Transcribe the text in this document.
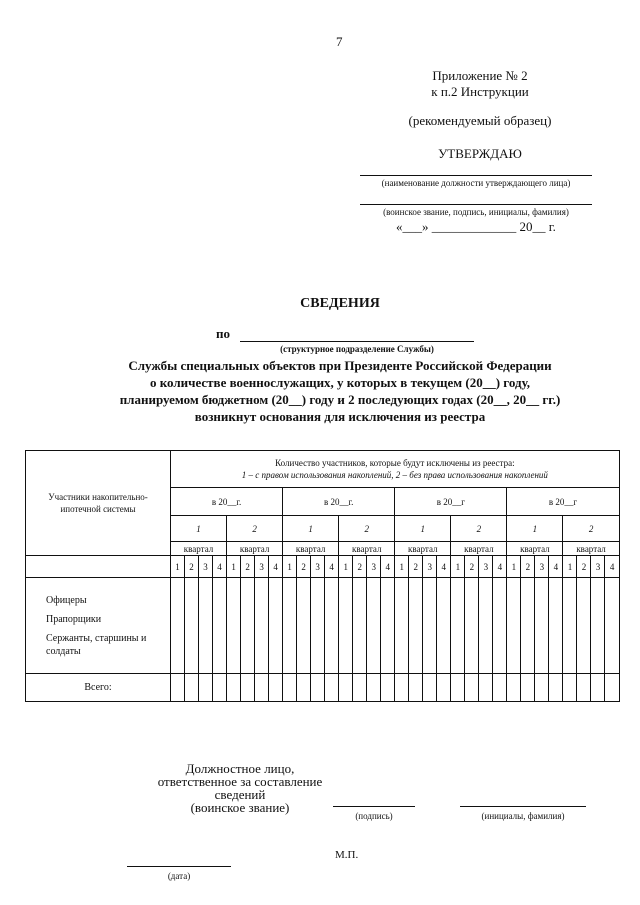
7
Приложение № 2
к п.2 Инструкции
(рекомендуемый образец)
УТВЕРЖДАЮ
(наименование должности утверждающего лица)
(воинское звание, подпись, инициалы, фамилия)
«___» _____________ 20__ г.
СВЕДЕНИЯ
по
(структурное подразделение Службы)
Службы специальных объектов при Президенте Российской Федерации
о количестве военнослужащих, у которых в текущем (20__) году,
планируемом бюджетном (20__) году и 2 последующих годах (20__, 20__ гг.)
возникнут основания для исключения из реестра
Участники накопительно-ипотечной системы	Количество участников, которые будут исключены из реестра:
1 – с правом использования накоплений, 2 – без права использования накоплений																															

	в 20__г.								в 20__г.								в 20__г								в 20__г							
	1				2				1				2				1				2				1				2			
	квартал				квартал				квартал				квартал				квартал				квартал				квартал				квартал			
	1	2	3	4	1	2	3	4	1	2	3	4	1	2	3	4	1	2	3	4	1	2	3	4	1	2	3	4	1	2	3	4

Офицеры
Прапорщики
Сержанты, старшины и солдаты																																

Всего:																																
Должностное лицо,
ответственное за составление
сведений
(воинское звание)
(подпись)	(инициалы, фамилия)
М.П.
(дата)
